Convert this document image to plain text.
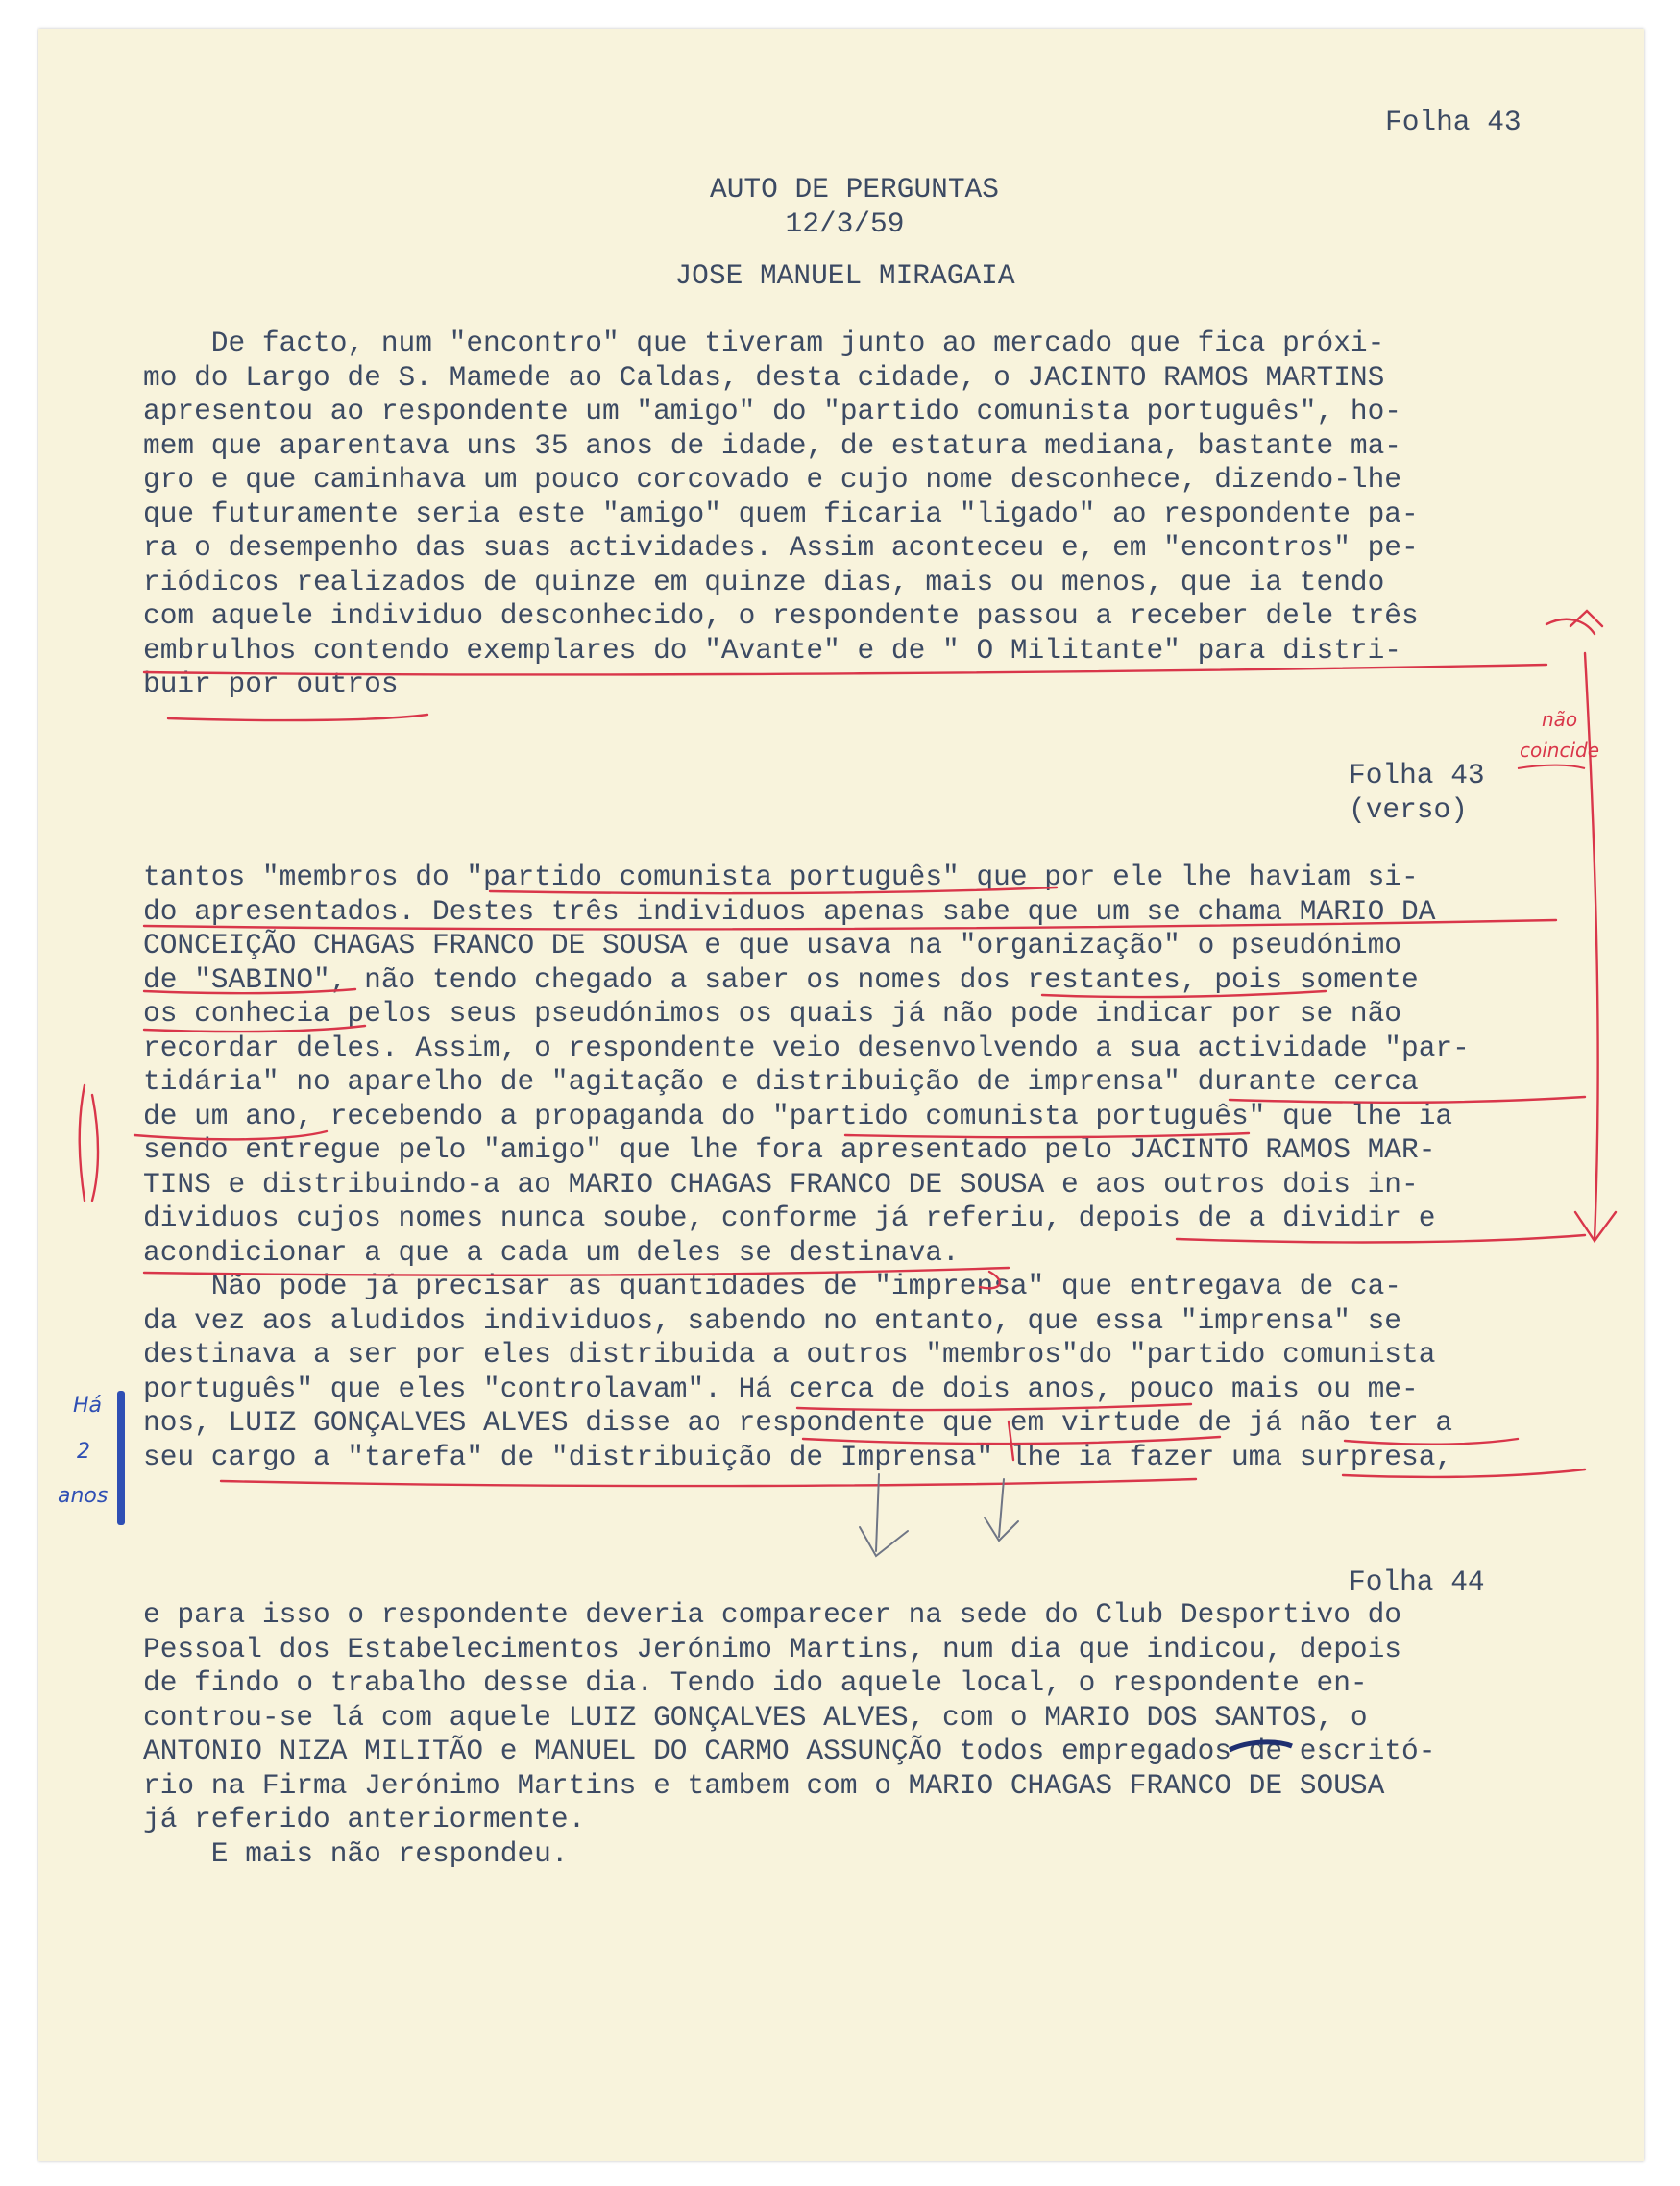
Folha 43
AUTO DE PERGUNTAS
12/3/59
JOSE MANUEL MIRAGAIA
De facto, num "encontro" que tiveram junto ao mercado que fica próxi-
mo do Largo de S. Mamede ao Caldas, desta cidade, o JACINTO RAMOS MARTINS
apresentou ao respondente um "amigo" do "partido comunista português", ho-
mem que aparentava uns 35 anos de idade, de estatura mediana, bastante ma-
gro e que caminhava um pouco corcovado e cujo nome desconhece, dizendo-lhe
que futuramente seria este "amigo" quem ficaria "ligado" ao respondente pa-
ra o desempenho das suas actividades. Assim aconteceu e, em "encontros" pe-
riódicos realizados de quinze em quinze dias, mais ou menos, que ia tendo
com aquele individuo desconhecido, o respondente passou a receber dele três
embrulhos contendo exemplares do "Avante" e de " O Militante" para distri-
buir por outros
Folha 43
(verso)
tantos "membros do "partido comunista português" que por ele lhe haviam si-
do apresentados. Destes três individuos apenas sabe que um se chama MARIO DA
CONCEIÇÃO CHAGAS FRANCO DE SOUSA e que usava na "organização" o pseudónimo
de "SABINO", não tendo chegado a saber os nomes dos restantes, pois somente
os conhecia pelos seus pseudónimos os quais já não pode indicar por se não
recordar deles. Assim, o respondente veio desenvolvendo a sua actividade "par-
tidária" no aparelho de "agitação e distribuição de imprensa" durante cerca
de um ano, recebendo a propaganda do "partido comunista português" que lhe ia
sendo entregue pelo "amigo" que lhe fora apresentado pelo JACINTO RAMOS MAR-
TINS e distribuindo-a ao MARIO CHAGAS FRANCO DE SOUSA e aos outros dois in-
dividuos cujos nomes nunca soube, conforme já referiu, depois de a dividir e
acondicionar a que a cada um deles se destinava.
Não pode já precisar as quantidades de "imprensa" que entregava de ca-
da vez aos aludidos individuos, sabendo no entanto, que essa "imprensa" se
destinava a ser por eles distribuida a outros "membros"do "partido comunista
português" que eles "controlavam". Há cerca de dois anos, pouco mais ou me-
nos, LUIZ GONÇALVES ALVES disse ao respondente que em virtude de já não ter a
seu cargo a "tarefa" de "distribuição de Imprensa" lhe ia fazer uma surpresa,
Folha 44
e para isso o respondente deveria comparecer na sede do Club Desportivo do
Pessoal dos Estabelecimentos Jerónimo Martins, num dia que indicou, depois
de findo o trabalho desse dia. Tendo ido aquele local, o respondente en-
controu-se lá com aquele LUIZ GONÇALVES ALVES, com o MARIO DOS SANTOS, o
ANTONIO NIZA MILITÃO e MANUEL DO CARMO ASSUNÇÃO todos empregados de escritó-
rio na Firma Jerónimo Martins e tambem com o MARIO CHAGAS FRANCO DE SOUSA
já referido anteriormente.
E mais não respondeu.
não
coincide
Há
2
anos
